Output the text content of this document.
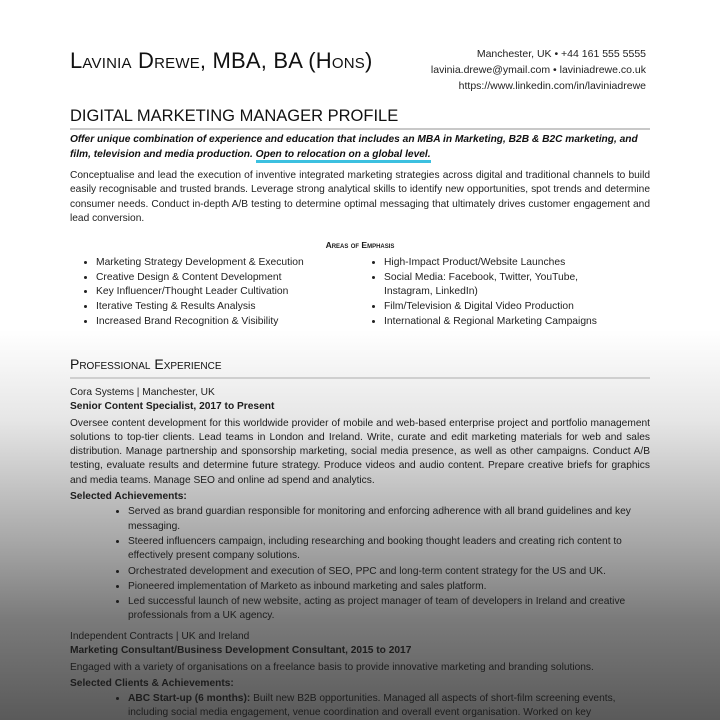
Lavinia Drewe, MBA, BA (Hons)	Manchester, UK • +44 161 555 5555
lavinia.drewe@ymail.com • laviniadrewe.co.uk
https://www.linkedin.com/in/laviniadrewe
DIGITAL MARKETING MANAGER PROFILE
Offer unique combination of experience and education that includes an MBA in Marketing, B2B & B2C marketing, and film, television and media production. Open to relocation on a global level.
Conceptualise and lead the execution of inventive integrated marketing strategies across digital and traditional channels to build easily recognisable and trusted brands. Leverage strong analytical skills to identify new opportunities, spot trends and determine consumer needs. Conduct in-depth A/B testing to determine optimal messaging that ultimately drives customer engagement and lead conversion.
Areas of Emphasis
• Marketing Strategy Development & Execution
• Creative Design & Content Development
• Key Influencer/Thought Leader Cultivation
• Iterative Testing & Results Analysis
• Increased Brand Recognition & Visibility
• High-Impact Product/Website Launches
• Social Media: Facebook, Twitter, YouTube, Instagram, LinkedIn)
• Film/Television & Digital Video Production
• International & Regional Marketing Campaigns
Professional Experience
Cora Systems | Manchester, UK
Senior Content Specialist, 2017 to Present
Oversee content development for this worldwide provider of mobile and web-based enterprise project and portfolio management solutions to top-tier clients. Lead teams in London and Ireland. Write, curate and edit marketing materials for web and sales distribution. Manage partnership and sponsorship marketing, social media presence, as well as other campaigns. Conduct A/B testing, evaluate results and determine future strategy. Produce videos and audio content. Prepare creative briefs for graphics and media teams. Manage SEO and online ad spend and analytics.
Selected Achievements:
• Served as brand guardian responsible for monitoring and enforcing adherence with all brand guidelines and key messaging.
• Steered influencers campaign, including researching and booking thought leaders and creating rich content to effectively present company solutions.
• Orchestrated development and execution of SEO, PPC and long-term content strategy for the US and UK.
• Pioneered implementation of Marketo as inbound marketing and sales platform.
• Led successful launch of new website, acting as project manager of team of developers in Ireland and creative professionals from a UK agency.
Independent Contracts | UK and Ireland
Marketing Consultant/Business Development Consultant, 2015 to 2017
Engaged with a variety of organisations on a freelance basis to provide innovative marketing and branding solutions.
Selected Clients & Achievements:
• ABC Start-up (6 months): Built new B2B opportunities. Managed all aspects of short-film screening events, including social media engagement, venue coordination and overall event organisation. Worked on key
